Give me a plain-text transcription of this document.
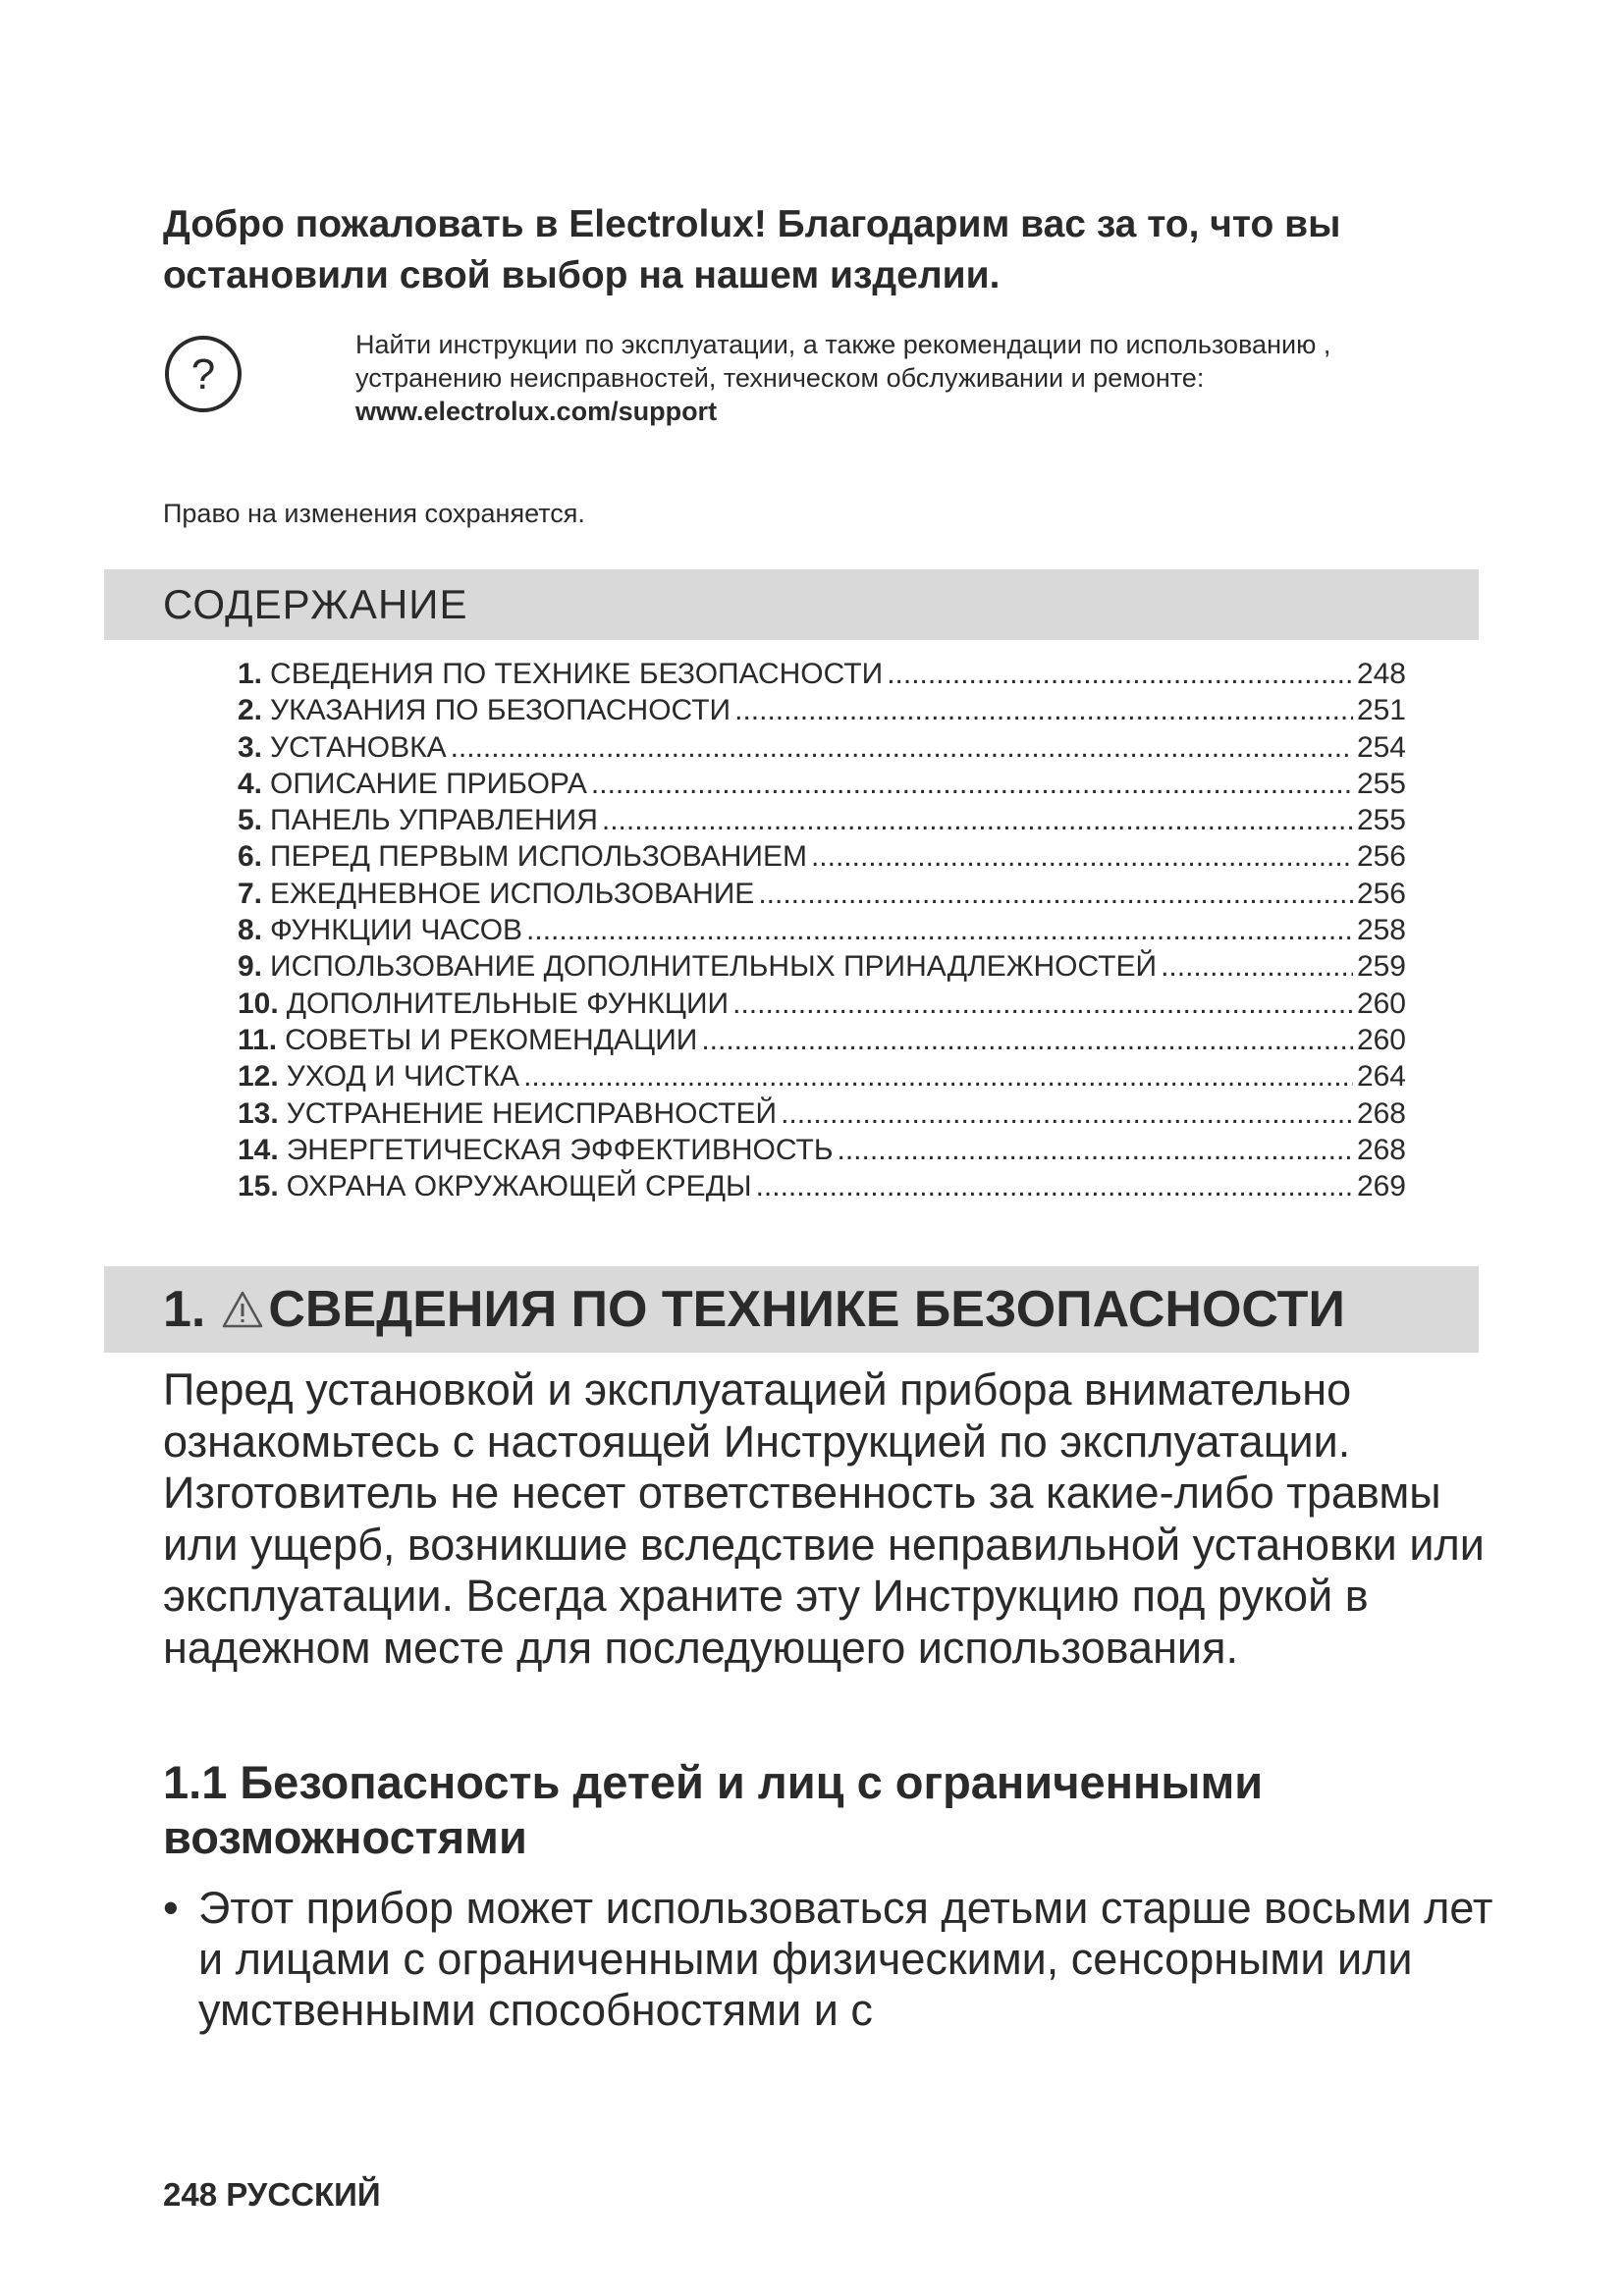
Добро пожаловать в Electrolux! Благодарим вас за то, что вы
остановили свой выбор на нашем изделии.
?
Найти инструкции по эксплуатации, а также рекомендации по использованию ,
устранению неисправностей, техническом обслуживании и ремонте:
www.electrolux.com/support
Право на изменения сохраняется.
СОДЕРЖАНИЕ
1. СВЕДЕНИЯ ПО ТЕХНИКЕ БЕЗОПАСНОСТИ .....	248
2. УКАЗАНИЯ ПО БЕЗОПАСНОСТИ .....	251
3. УСТАНОВКА .....	254
4. ОПИСАНИЕ ПРИБОРА .....	255
5. ПАНЕЛЬ УПРАВЛЕНИЯ .....	255
6. ПЕРЕД ПЕРВЫМ ИСПОЛЬЗОВАНИЕМ .....	256
7. ЕЖЕДНЕВНОЕ ИСПОЛЬЗОВАНИЕ .....	256
8. ФУНКЦИИ ЧАСОВ .....	258
9. ИСПОЛЬЗОВАНИЕ ДОПОЛНИТЕЛЬНЫХ ПРИНАДЛЕЖНОСТЕЙ .....	259
10. ДОПОЛНИТЕЛЬНЫЕ ФУНКЦИИ .....	260
11. СОВЕТЫ И РЕКОМЕНДАЦИИ .....	260
12. УХОД И ЧИСТКА .....	264
13. УСТРАНЕНИЕ НЕИСПРАВНОСТЕЙ .....	268
14. ЭНЕРГЕТИЧЕСКАЯ ЭФФЕКТИВНОСТЬ .....	268
15. ОХРАНА ОКРУЖАЮЩЕЙ СРЕДЫ .....	269
1. СВЕДЕНИЯ ПО ТЕХНИКЕ БЕЗОПАСНОСТИ

Перед установкой и эксплуатацией прибора внимательно ознакомьтесь с настоящей Инструкцией по эксплуатации. Изготовитель не несет ответственность за какие-либо травмы или ущерб, возникшие вследствие неправильной установки или эксплуатации. Всегда храните эту Инструкцию под рукой в надежном месте для последующего использования.

1.1 Безопасность детей и лиц с ограниченными возможностями

• Этот прибор может использоваться детьми старше восьми лет и лицами с ограниченными физическими, сенсорными или умственными способностями и с

248 РУССКИЙ
